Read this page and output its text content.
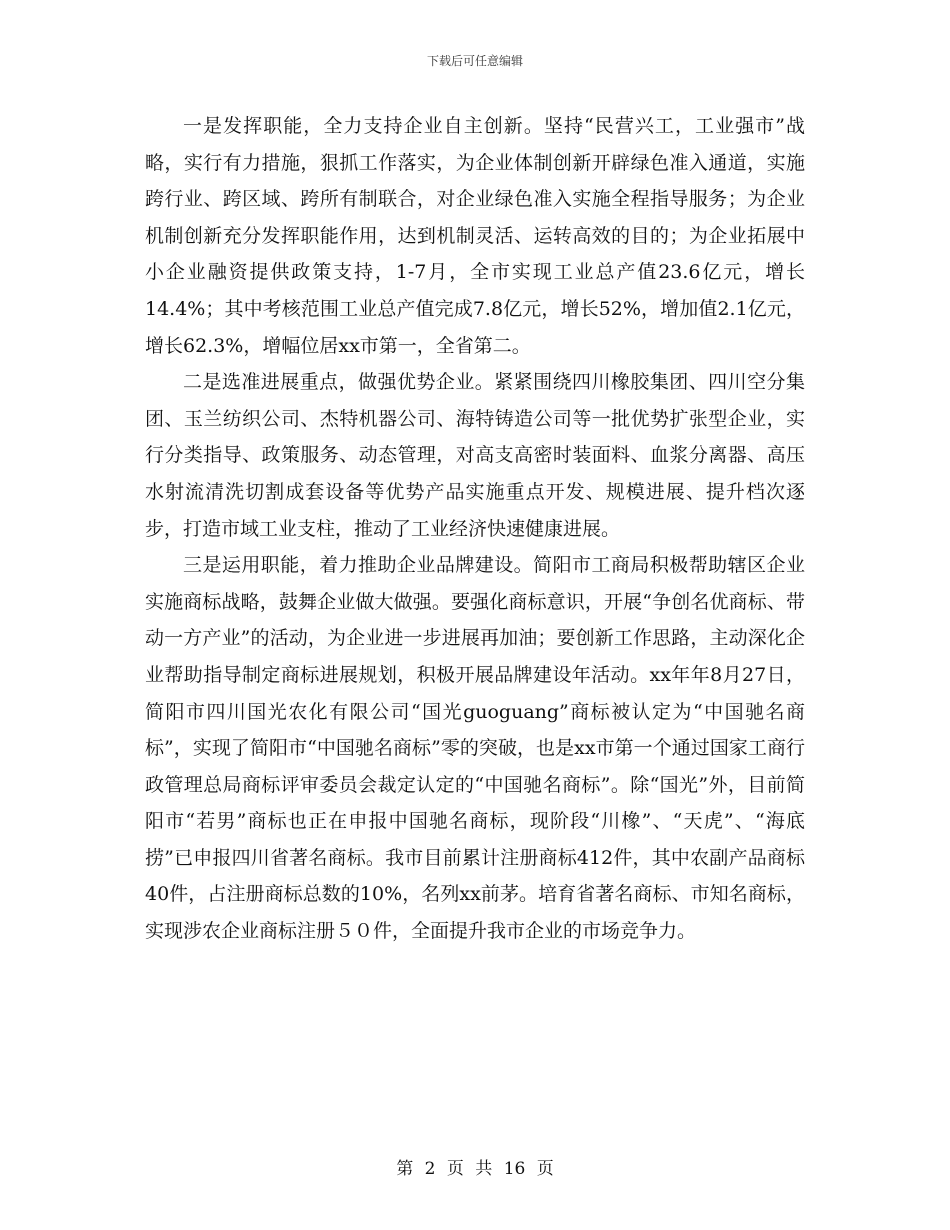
下载后可任意编辑

一是发挥职能，全力支持企业自主创新。坚持“民营兴工，工业强市”战略，实行有力措施，狠抓工作落实，为企业体制创新开辟绿色准入通道，实施跨行业、跨区域、跨所有制联合，对企业绿色准入实施全程指导服务；为企业机制创新充分发挥职能作用，达到机制灵活、运转高效的目的；为企业拓展中小企业融资提供政策支持，1-7月，全市实现工业总产值23.6亿元，增长14.4%；其中考核范围工业总产值完成7.8亿元，增长52%，增加值2.1亿元，增长62.3%，增幅位居xx市第一，全省第二。

二是选准进展重点，做强优势企业。紧紧围绕四川橡胶集团、四川空分集团、玉兰纺织公司、杰特机器公司、海特铸造公司等一批优势扩张型企业，实行分类指导、政策服务、动态管理，对高支高密时装面料、血浆分离器、高压水射流清洗切割成套设备等优势产品实施重点开发、规模进展、提升档次逐步，打造市域工业支柱，推动了工业经济快速健康进展。

三是运用职能，着力推助企业品牌建设。简阳市工商局积极帮助辖区企业实施商标战略，鼓舞企业做大做强。要强化商标意识，开展“争创名优商标、带动一方产业”的活动，为企业进一步进展再加油；要创新工作思路，主动深化企业帮助指导制定商标进展规划，积极开展品牌建设年活动。xx年年8月27日，简阳市四川国光农化有限公司“国光guoguang”商标被认定为“中国驰名商标”，实现了简阳市“中国驰名商标”零的突破，也是xx市第一个通过国家工商行政管理总局商标评审委员会裁定认定的“中国驰名商标”。除“国光”外，目前简阳市“若男”商标也正在申报中国驰名商标，现阶段“川橡”、“天虎”、“海底捞”已申报四川省著名商标。我市目前累计注册商标412件，其中农副产品商标40件，占注册商标总数的10%，名列xx前茅。培育省著名商标、市知名商标，实现涉农企业商标注册５０件，全面提升我市企业的市场竞争力。

第 2 页 共 16 页
